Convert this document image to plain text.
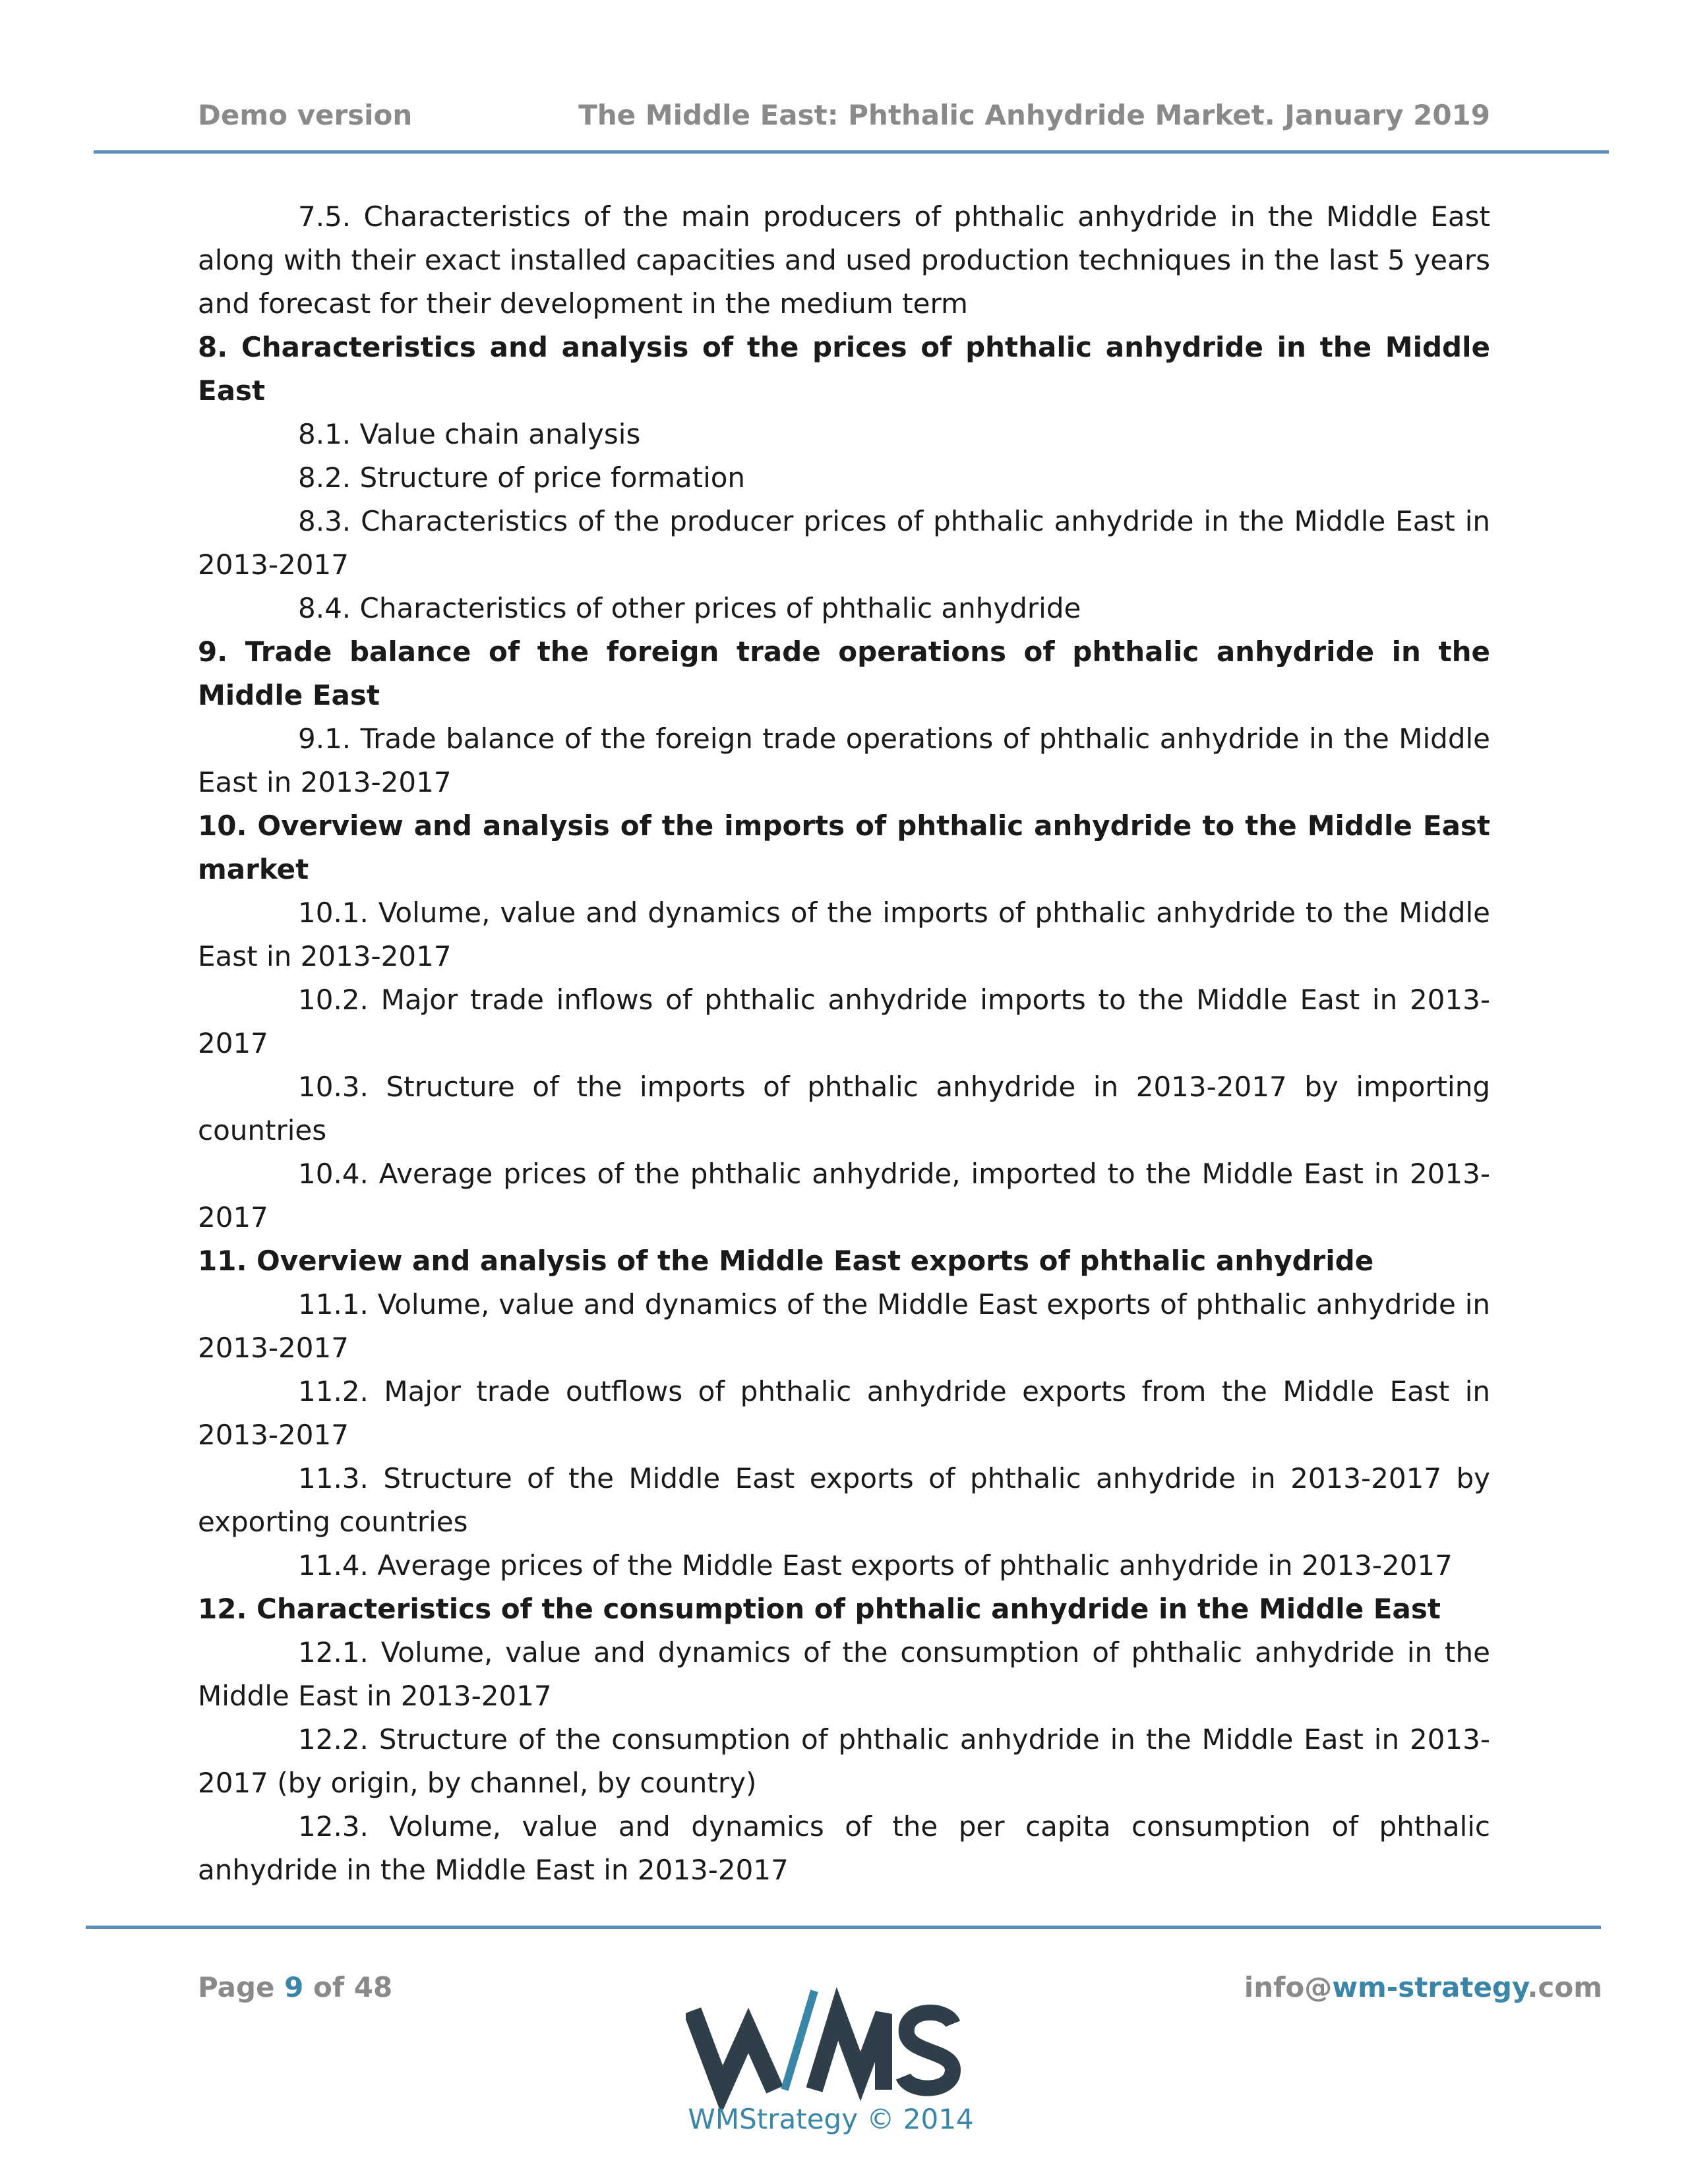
Demo version	The Middle East: Phthalic Anhydride Market. January 2019

7.5. Characteristics of the main producers of phthalic anhydride in the Middle East along with their exact installed capacities and used production techniques in the last 5 years and forecast for their development in the medium term

8. Characteristics and analysis of the prices of phthalic anhydride in the Middle East

8.1. Value chain analysis

8.2. Structure of price formation

8.3. Characteristics of the producer prices of phthalic anhydride in the Middle East in 2013-2017

8.4. Characteristics of other prices of phthalic anhydride

9. Trade balance of the foreign trade operations of phthalic anhydride in the Middle East

9.1. Trade balance of the foreign trade operations of phthalic anhydride in the Middle East in 2013-2017

10. Overview and analysis of the imports of phthalic anhydride to the Middle East market

10.1. Volume, value and dynamics of the imports of phthalic anhydride to the Middle East in 2013-2017

10.2. Major trade inflows of phthalic anhydride imports to the Middle East in 2013-2017

10.3. Structure of the imports of phthalic anhydride in 2013-2017 by importing countries

10.4. Average prices of the phthalic anhydride, imported to the Middle East in 2013-2017

11. Overview and analysis of the Middle East exports of phthalic anhydride

11.1. Volume, value and dynamics of the Middle East exports of phthalic anhydride in 2013-2017

11.2. Major trade outflows of phthalic anhydride exports from the Middle East in 2013-2017

11.3. Structure of the Middle East exports of phthalic anhydride in 2013-2017 by exporting countries

11.4. Average prices of the Middle East exports of phthalic anhydride in 2013-2017

12. Characteristics of the consumption of phthalic anhydride in the Middle East

12.1. Volume, value and dynamics of the consumption of phthalic anhydride in the Middle East in 2013-2017

12.2. Structure of the consumption of phthalic anhydride in the Middle East in 2013-2017 (by origin, by channel, by country)

12.3. Volume, value and dynamics of the per capita consumption of phthalic anhydride in the Middle East in 2013-2017

Page 9 of 48	info@wm-strategy.com
WMStrategy © 2014
